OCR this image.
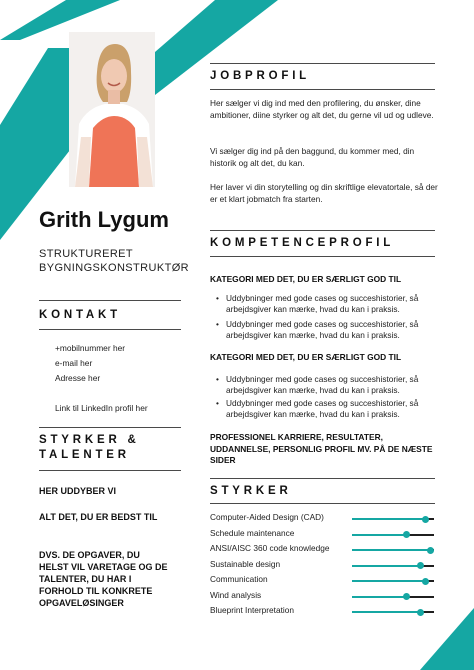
Grith Lygum
STRUKTURERET BYGNINGSKONSTRUKTØR
KONTAKT
+mobilnummer her
e-mail her
Adresse her
Link til LinkedIn profil her
STYRKER & TALENTER
HER UDDYBER VI
ALT DET, DU ER BEDST TIL
DVS. DE OPGAVER, DU HELST VIL VARETAGE OG DE TALENTER, DU HAR I FORHOLD TIL KONKRETE OPGAVELØSINGER
JOBPROFIL
Her sælger vi dig ind med den profilering, du ønsker, dine ambitioner, diine styrker og alt det, du gerne vil ud og udleve.
Vi sælger dig ind på den baggund, du kommer med, din historik og alt det, du kan.
Her laver vi din storytelling og din skriftlige elevatortale, så der er et klart jobmatch fra starten.
KOMPETENCEPROFIL
KATEGORI MED DET, DU ER SÆRLIGT GOD TIL
• Uddybninger med gode cases og succeshistorier, så arbejdsgiver kan mærke, hvad du kan i praksis.
• Uddybninger med gode cases og succeshistorier, så arbejdsgiver kan mærke, hvad du kan i praksis.
KATEGORI MED DET, DU ER SÆRLIGT GOD TIL
• Uddybninger med gode cases og succeshistorier, så arbejdsgiver kan mærke, hvad du kan i praksis.
• Uddybninger med gode cases og succeshistorier, så arbejdsgiver kan mærke, hvad du kan i praksis.
PROFESSIONEL KARRIERE, RESULTATER, UDDANNELSE, PERSONLIG PROFIL MV. PÅ DE NÆSTE SIDER
STYRKER
Computer-Aided Design (CAD)
Schedule maintenance
ANSI/AISC 360 code knowledge
Sustainable design
Communication
Wind analysis
Blueprint Interpretation
